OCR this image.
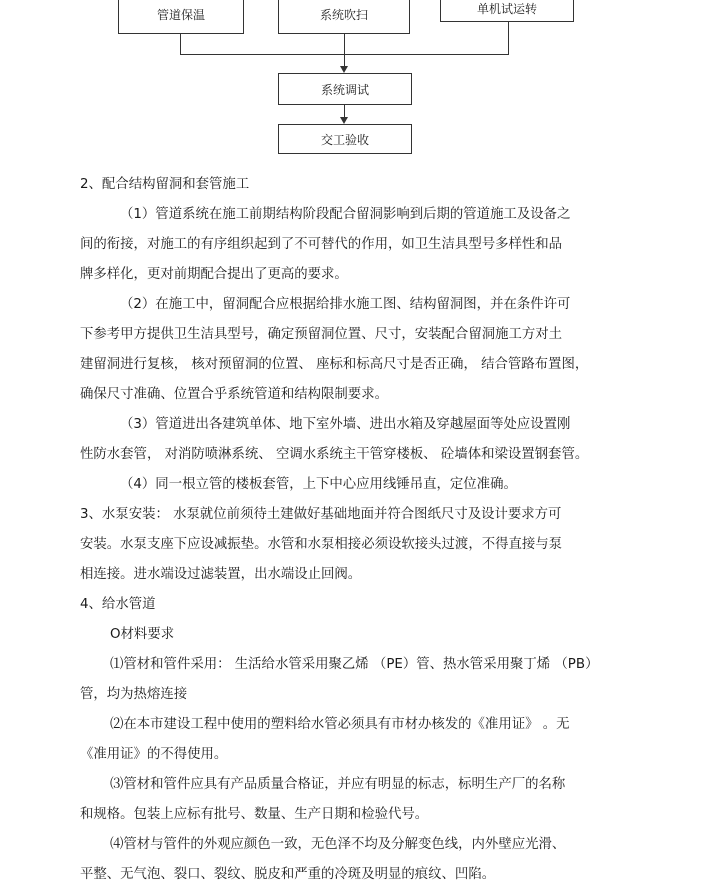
管道保温	系统吹扫	单机试运转
系统调试
交工验收

2、配合结构留洞和套管施工

（1）管道系统在施工前期结构阶段配合留洞影响到后期的管道施工及设备之

间的衔接，对施工的有序组织起到了不可替代的作用，如卫生洁具型号多样性和品

牌多样化，更对前期配合提出了更高的要求。

（2）在施工中，留洞配合应根据给排水施工图、结构留洞图，并在条件许可

下参考甲方提供卫生洁具型号，确定预留洞位置、尺寸，安装配合留洞施工方对土

建留洞进行复核， 核对预留洞的位置、 座标和标高尺寸是否正确， 结合管路布置图，

确保尺寸准确、位置合乎系统管道和结构限制要求。

（3）管道进出各建筑单体、地下室外墙、进出水箱及穿越屋面等处应设置刚

性防水套管， 对消防喷淋系统、 空调水系统主干管穿楼板、 砼墙体和梁设置钢套管。

（4）同一根立管的楼板套管，上下中心应用线锤吊直，定位准确。

3、水泵安装： 水泵就位前须待土建做好基础地面并符合图纸尺寸及设计要求方可

安装。水泵支座下应设减振垫。水管和水泵相接必须设软接头过渡，不得直接与泵

相连接。进水端设过滤装置，出水端设止回阀。

4、给水管道

O材料要求

⑴管材和管件采用： 生活给水管采用聚乙烯 （PE）管、热水管采用聚丁烯 （PB）

管，均为热熔连接

⑵在本市建设工程中使用的塑料给水管必须具有市材办核发的《准用证》 。无

《准用证》的不得使用。

⑶管材和管件应具有产品质量合格证，并应有明显的标志，标明生产厂的名称

和规格。包装上应标有批号、数量、生产日期和检验代号。

⑷管材与管件的外观应颜色一致，无色泽不均及分解变色线，内外壁应光滑、

平整、无气泡、裂口、裂纹、脱皮和严重的冷斑及明显的痕纹、凹陷。
